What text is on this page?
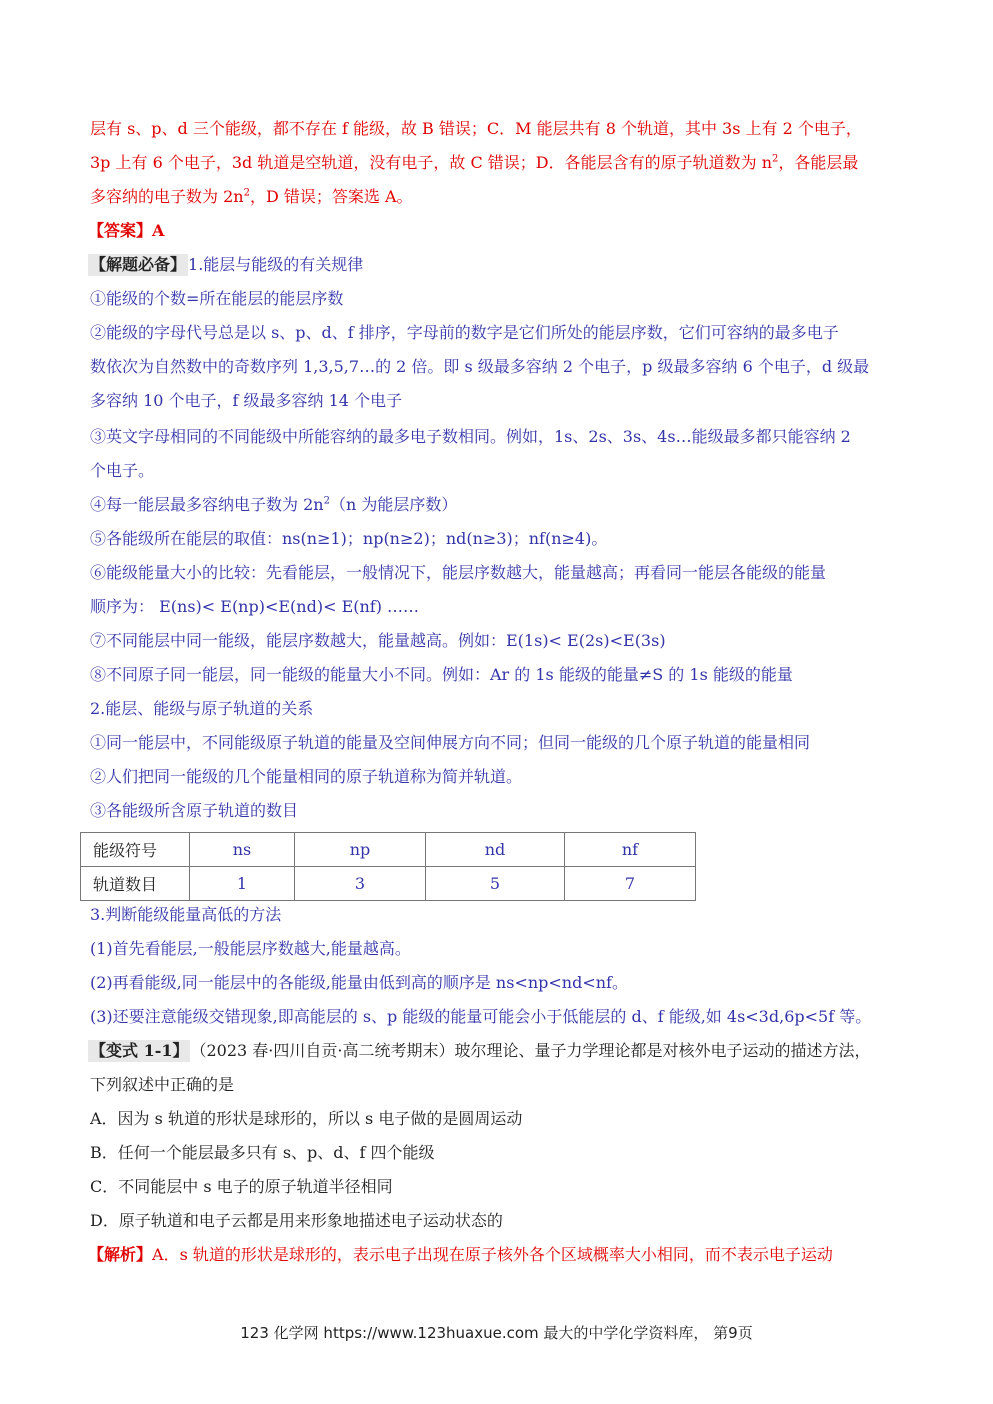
层有 s、p、d 三个能级，都不存在 f 能级，故 B 错误；C．M 能层共有 8 个轨道，其中 3s 上有 2 个电子，
3p 上有 6 个电子，3d 轨道是空轨道，没有电子，故 C 错误；D．各能层含有的原子轨道数为 $n^2$，各能层最
多容纳的电子数为 $2n^2$，D 错误；答案选 A。
【答案】A
【解题必备】 1.能层与能级的有关规律
①能级的个数=所在能层的能层序数
②能级的字母代号总是以 s、p、d、f 排序，字母前的数字是它们所处的能层序数，它们可容纳的最多电子
数依次为自然数中的奇数序列 1,3,5,7…的 2 倍。即 s 级最多容纳 2 个电子，p 级最多容纳 6 个电子，d 级最
多容纳 10 个电子，f 级最多容纳 14 个电子
③英文字母相同的不同能级中所能容纳的最多电子数相同。例如，1s、2s、3s、4s…能级最多都只能容纳 2
个电子。
④每一能层最多容纳电子数为 $2n^2(n$ 为能层序数）
⑤各能级所在能层的取值：ns(n≥1)；np(n≥2)；nd(n≥3)；nf(n≥4)。
⑥能级能量大小的比较：先看能层，一般情况下，能层序数越大，能量越高；再看同一能层各能级的能量
顺序为： E(ns)< E(np)<E(nd)< E(nf) ……
⑦不同能层中同一能级，能层序数越大，能量越高。例如：E(1s)< E(2s)<E(3s)
⑧不同原子同一能层，同一能级的能量大小不同。例如：Ar 的 1s 能级的能量≠S 的 1s 能级的能量
2.能层、能级与原子轨道的关系
①同一能层中，不同能级原子轨道的能量及空间伸展方向不同；但同一能级的几个原子轨道的能量相同
②人们把同一能级的几个能量相同的原子轨道称为简并轨道。
③各能级所含原子轨道的数目
能级符号	ns	np	nd	nf
轨道数目	1	3	5	7
3.判断能级能量高低的方法
(1)首先看能层,一般能层序数越大,能量越高。
(2)再看能级,同一能层中的各能级,能量由低到高的顺序是 ns<np<nd<nf。
(3)还要注意能级交错现象,即高能层的 s、p 能级的能量可能会小于低能层的 d、f 能级,如 4s<3d,6p<5f 等。
【变式 1-1】 （2023 春·四川自贡·高二统考期末）玻尔理论、量子力学理论都是对核外电子运动的描述方法，
下列叙述中正确的是
A．因为 s 轨道的形状是球形的，所以 s 电子做的是圆周运动
B．任何一个能层最多只有 s、p、d、f 四个能级
C．不同能层中 s 电子的原子轨道半径相同
D．原子轨道和电子云都是用来形象地描述电子运动状态的
【解析】A．s 轨道的形状是球形的，表示电子出现在原子核外各个区域概率大小相同，而不表示电子运动
123 化学网 https://www.123huaxue.com 最大的中学化学资料库， 第9页
